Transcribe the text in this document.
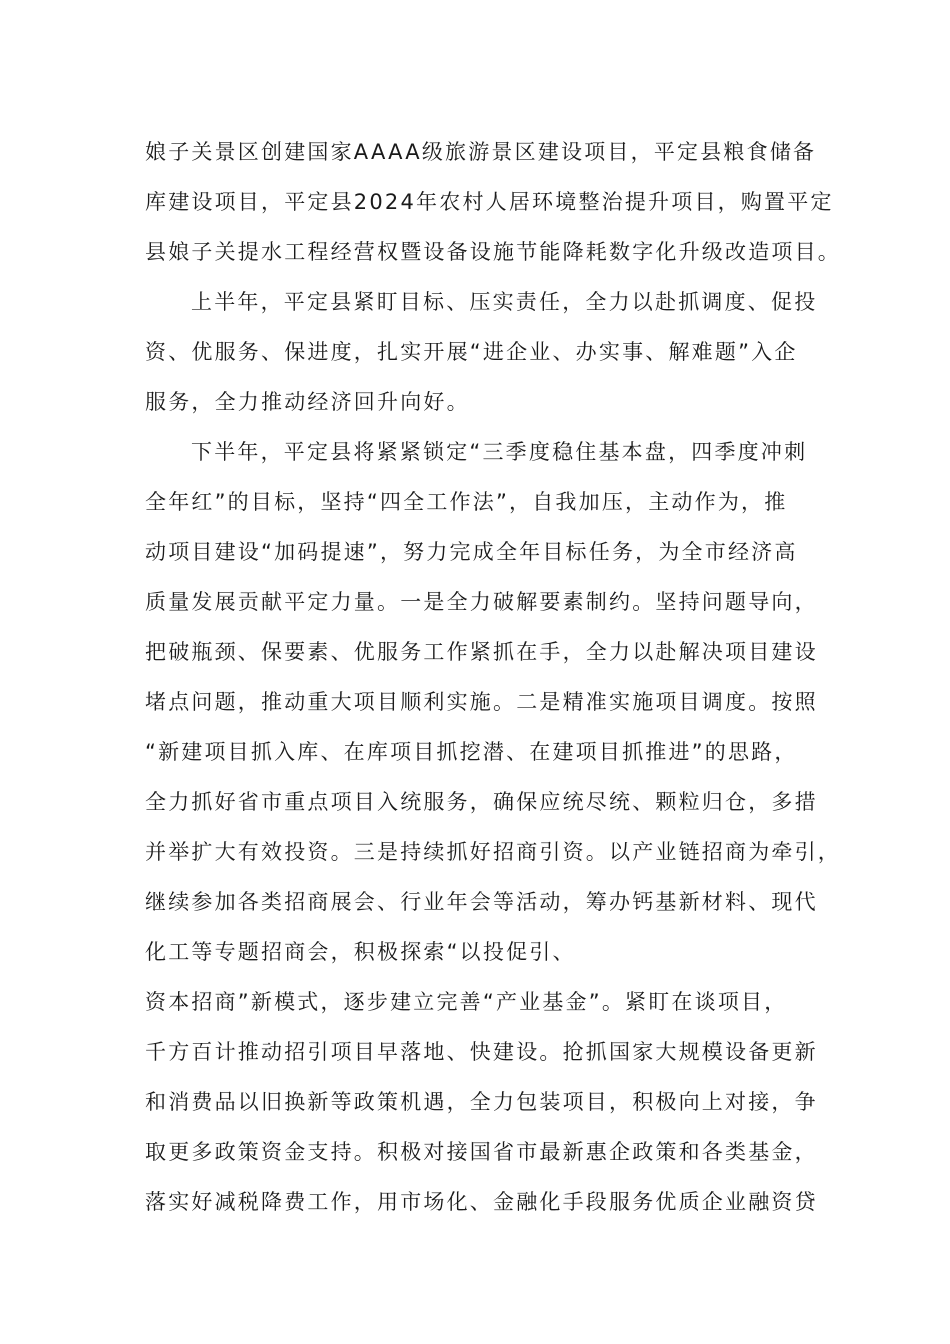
娘子关景区创建国家AAAA级旅游景区建设项目，平定县粮食储备
库建设项目，平定县2024年农村人居环境整治提升项目，购置平定
县娘子关提水工程经营权暨设备设施节能降耗数字化升级改造项目。
上半年，平定县紧盯目标、压实责任，全力以赴抓调度、促投
资、优服务、保进度，扎实开展“进企业、办实事、解难题”入企
服务，全力推动经济回升向好。
下半年，平定县将紧紧锁定“三季度稳住基本盘，四季度冲刺
全年红”的目标，坚持“四全工作法”，自我加压，主动作为，推
动项目建设“加码提速”，努力完成全年目标任务，为全市经济高
质量发展贡献平定力量。一是全力破解要素制约。坚持问题导向，
把破瓶颈、保要素、优服务工作紧抓在手，全力以赴解决项目建设
堵点问题，推动重大项目顺利实施。二是精准实施项目调度。按照
“新建项目抓入库、在库项目抓挖潜、在建项目抓推进”的思路，
全力抓好省市重点项目入统服务，确保应统尽统、颗粒归仓，多措
并举扩大有效投资。三是持续抓好招商引资。以产业链招商为牵引，
继续参加各类招商展会、行业年会等活动，筹办钙基新材料、现代
化工等专题招商会，积极探索“以投促引、
资本招商”新模式，逐步建立完善“产业基金”。紧盯在谈项目，
千方百计推动招引项目早落地、快建设。抢抓国家大规模设备更新
和消费品以旧换新等政策机遇，全力包装项目，积极向上对接，争
取更多政策资金支持。积极对接国省市最新惠企政策和各类基金，
落实好减税降费工作，用市场化、金融化手段服务优质企业融资贷
